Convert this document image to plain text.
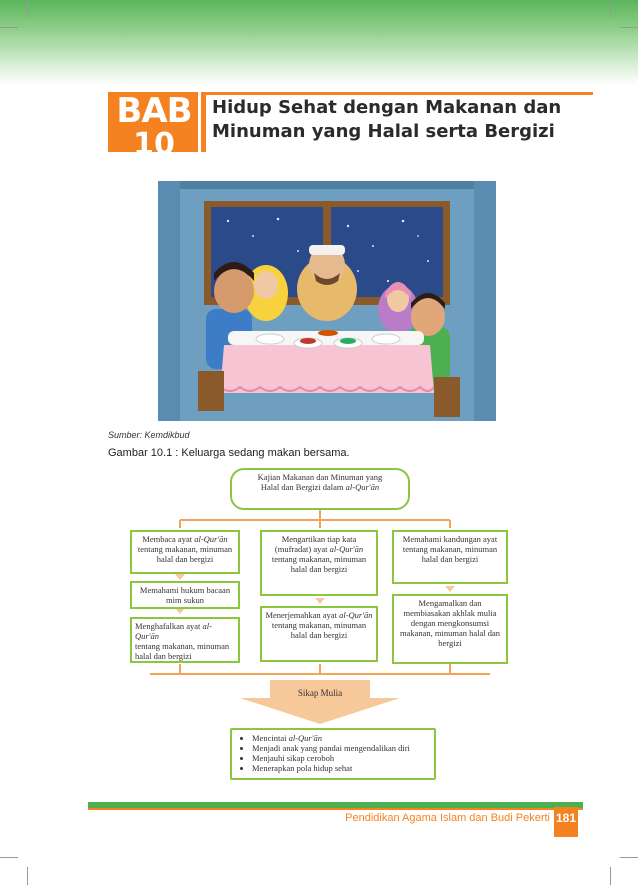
BAB
10
Hidup Sehat dengan Makanan dan
Minuman yang Halal serta Bergizi
Sumber: Kemdikbud
Gambar 10.1 : Keluarga sedang makan bersama.
Kajian Makanan dan Minuman yang
Halal dan Bergizi dalam al-Qur'ān
Membaca ayat al-Qur'ān
tentang makanan, minuman halal dan bergizi
Memahami hukum bacaan mim sukun
Menghafalkan ayat al-Qur'ān
tentang makanan, minuman halal dan bergizi
Mengartikan tiap kata (mufradat) ayat al-Qur'ān
tentang makanan, minuman halal dan bergizi
Menerjemahkan ayat al-Qur'ān
tentang makanan, minuman halal dan bergizi
Memahami kandungan ayat tentang makanan, minuman halal dan bergizi
Mengamalkan dan membiasakan akhlak mulia dengan mengkonsumsi makanan, minuman halal dan bergizi
Sikap Mulia
• Mencintai al-Qur'ān
• Menjadi anak yang pandai mengendalikan diri
• Menjauhi sikap ceroboh
• Menerapkan pola hidup sehat
Pendidikan Agama Islam dan Budi Pekerti 181
